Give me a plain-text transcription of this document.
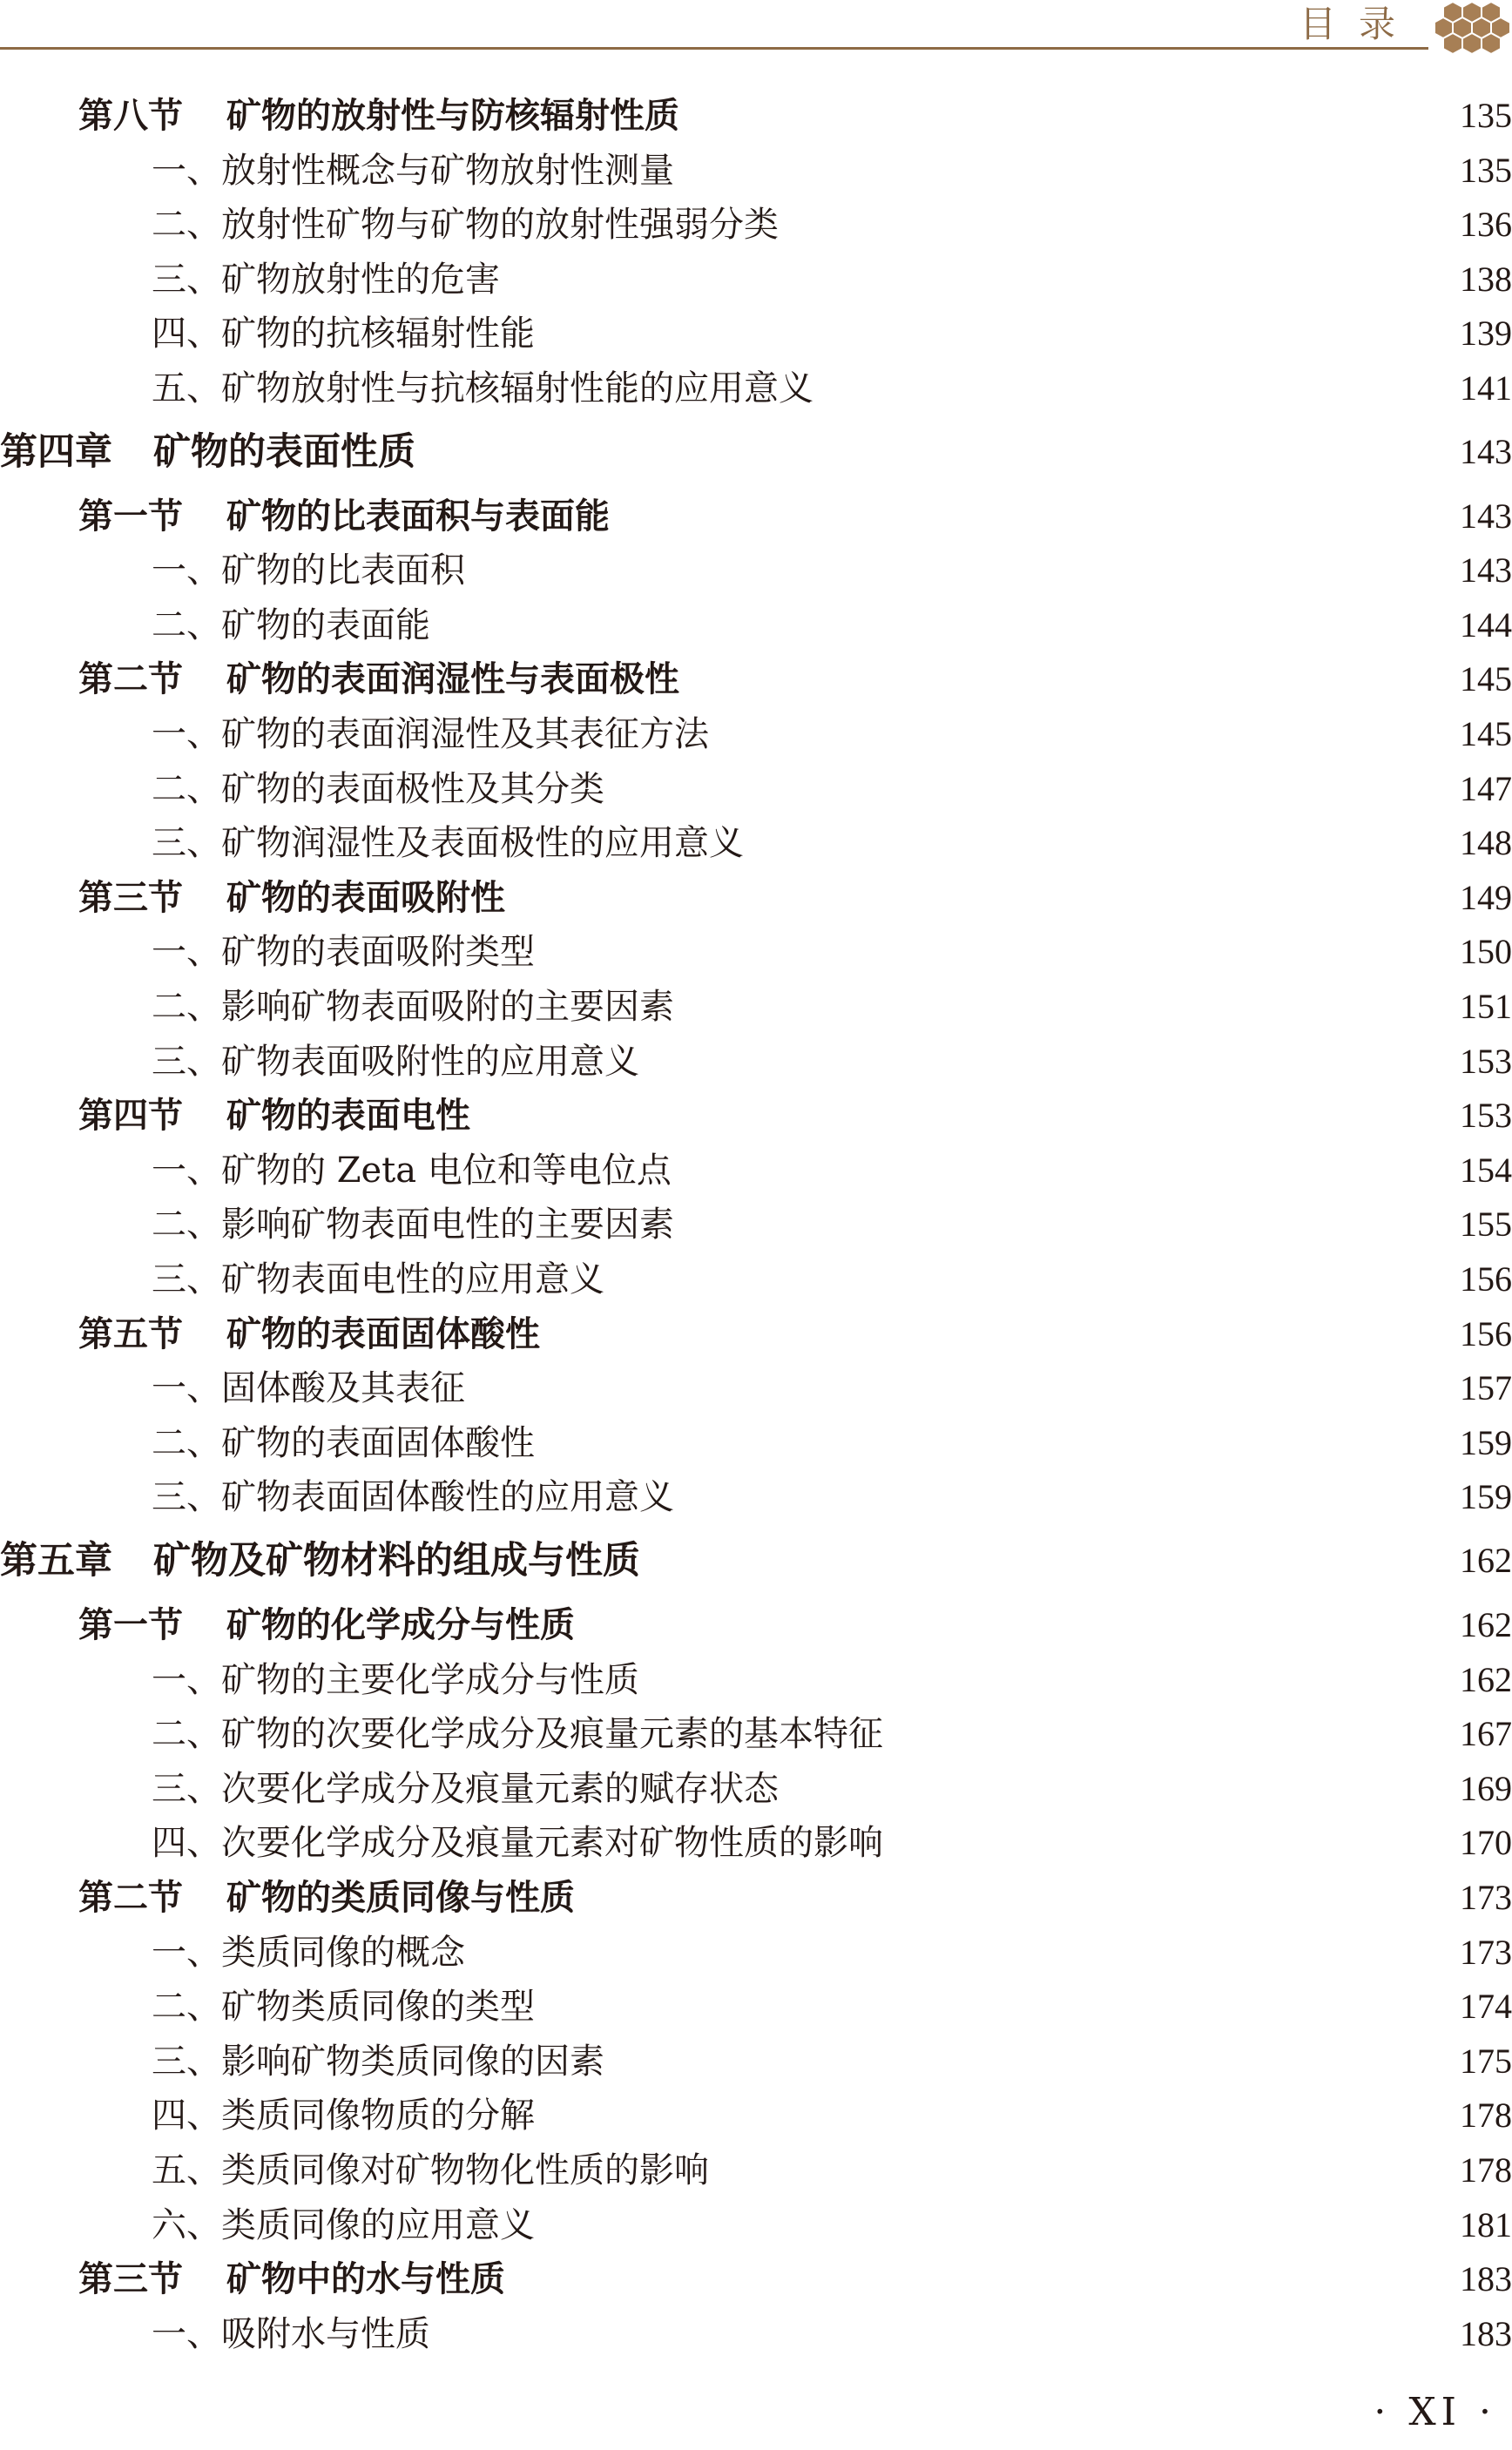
目录
第八节 矿物的放射性与防核辐射性质	135
一、放射性概念与矿物放射性测量	135
二、放射性矿物与矿物的放射性强弱分类	136
三、矿物放射性的危害	138
四、矿物的抗核辐射性能	139
五、矿物放射性与抗核辐射性能的应用意义	141
第四章 矿物的表面性质	143
第一节 矿物的比表面积与表面能	143
一、矿物的比表面积	143
二、矿物的表面能	144
第二节 矿物的表面润湿性与表面极性	145
一、矿物的表面润湿性及其表征方法	145
二、矿物的表面极性及其分类	147
三、矿物润湿性及表面极性的应用意义	148
第三节 矿物的表面吸附性	149
一、矿物的表面吸附类型	150
二、影响矿物表面吸附的主要因素	151
三、矿物表面吸附性的应用意义	153
第四节 矿物的表面电性	153
一、矿物的 Zeta 电位和等电位点	154
二、影响矿物表面电性的主要因素	155
三、矿物表面电性的应用意义	156
第五节 矿物的表面固体酸性	156
一、固体酸及其表征	157
二、矿物的表面固体酸性	159
三、矿物表面固体酸性的应用意义	159
第五章 矿物及矿物材料的组成与性质	162
第一节 矿物的化学成分与性质	162
一、矿物的主要化学成分与性质	162
二、矿物的次要化学成分及痕量元素的基本特征	167
三、次要化学成分及痕量元素的赋存状态	169
四、次要化学成分及痕量元素对矿物性质的影响	170
第二节 矿物的类质同像与性质	173
一、类质同像的概念	173
二、矿物类质同像的类型	174
三、影响矿物类质同像的因素	175
四、类质同像物质的分解	178
五、类质同像对矿物物化性质的影响	178
六、类质同像的应用意义	181
第三节 矿物中的水与性质	183
一、吸附水与性质	183
· XI ·
